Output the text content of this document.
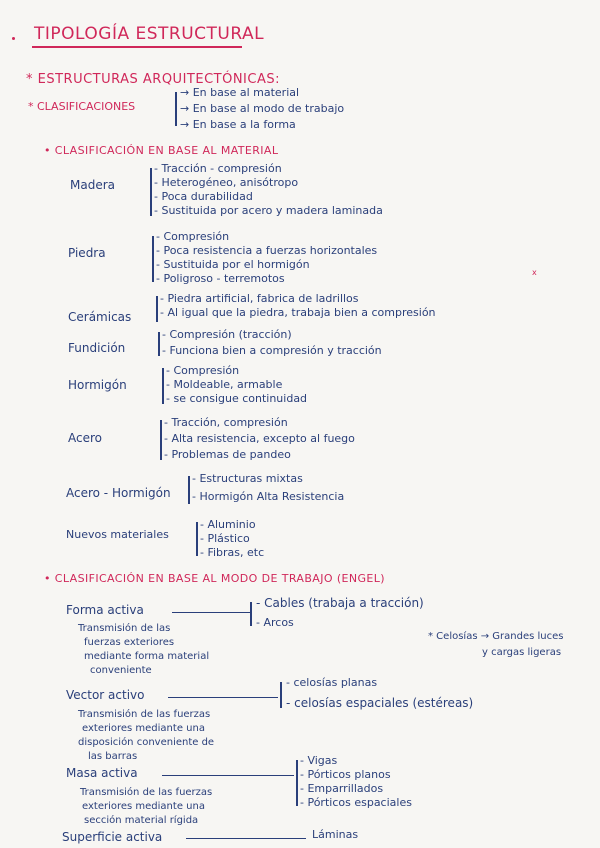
TIPOLOGÍA ESTRUCTURAL
* ESTRUCTURAS ARQUITECTÓNICAS:
* CLASIFICACIONES
→ En base al material
→ En base al modo de trabajo
→ En base a la forma
• CLASIFICACIÓN EN BASE AL MATERIAL
Madera
- Tracción - compresión
- Heterogéneo, anisótropo
- Poca durabilidad
- Sustituida por acero y madera laminada
Piedra
- Compresión
- Poca resistencia a fuerzas horizontales
- Sustituida por el hormigón
- Poligroso - terremotos
Cerámicas
- Piedra artificial, fabrica de ladrillos
- Al igual que la piedra, trabaja bien a compresión
Fundición
- Compresión (tracción)
- Funciona bien a compresión y tracción
Hormigón
- Compresión
- Moldeable, armable
- se consigue continuidad
Acero
- Tracción, compresión
- Alta resistencia, excepto al fuego
- Problemas de pandeo
Acero - Hormigón
- Estructuras mixtas
- Hormigón Alta Resistencia
Nuevos materiales
- Aluminio
- Plástico
- Fibras, etc
• CLASIFICACIÓN EN BASE AL MODO DE TRABAJO (ENGEL)
Forma activa	- Cables (trabaja a tracción)
- Arcos
Transmisión de las
fuerzas exteriores
mediante forma material
conveniente
* Celosías → Grandes luces
y cargas ligeras
Vector activo
- celosías planas
- celosías espaciales (estéreas)
Transmisión de las fuerzas
exteriores mediante una
disposición conveniente de
las barras
Masa activa
- Vigas
- Pórticos planos
- Emparrillados
- Pórticos espaciales
Transmisión de las fuerzas
exteriores mediante una
sección material rígida
Superficie activa	Láminas
x
